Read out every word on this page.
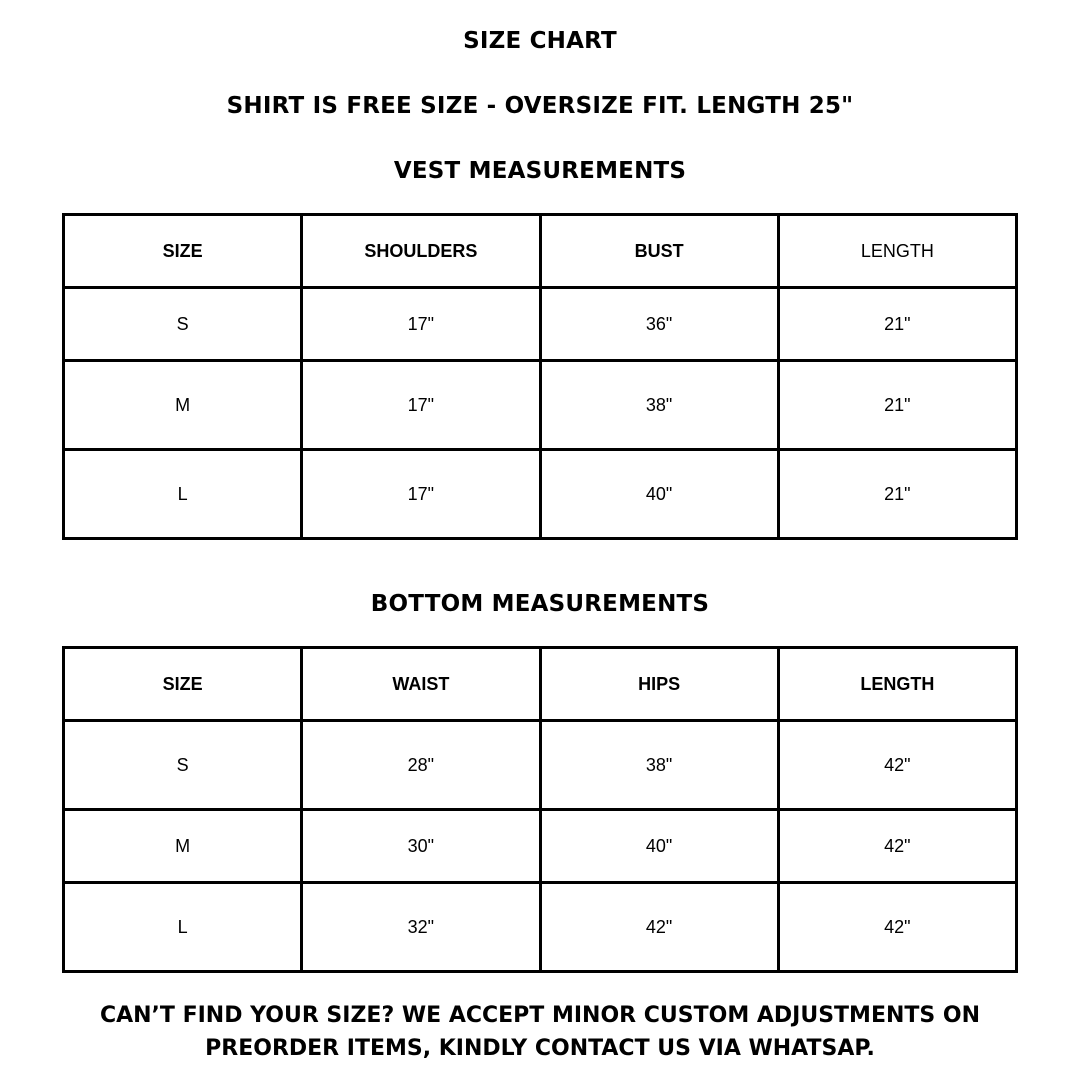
SIZE CHART
SHIRT IS FREE SIZE - OVERSIZE FIT. LENGTH 25"
VEST MEASUREMENTS
SIZE	SHOULDERS	BUST	LENGTH
S	17"	36"	21"
M	17"	38"	21"
L	17"	40"	21"
BOTTOM MEASUREMENTS
SIZE	WAIST	HIPS	LENGTH
S	28"	38"	42"
M	30"	40"	42"
L	32"	42"	42"
CAN’T FIND YOUR SIZE? WE ACCEPT MINOR CUSTOM ADJUSTMENTS ON
PREORDER ITEMS, KINDLY CONTACT US VIA WHATSAP.
